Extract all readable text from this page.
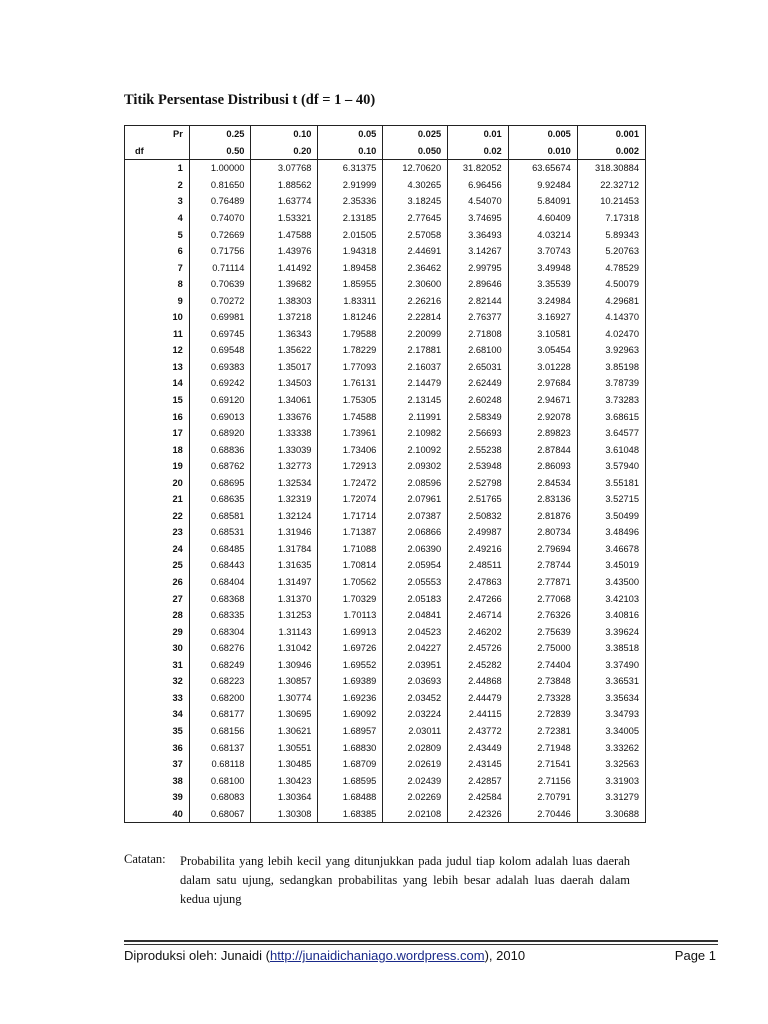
Titik Persentase Distribusi t (df = 1 – 40)
Pr	0.25	0.10	0.05	0.025	0.01	0.005	0.001
df	0.50	0.20	0.10	0.050	0.02	0.010	0.002
1	1.00000	3.07768	6.31375	12.70620	31.82052	63.65674	318.30884
2	0.81650	1.88562	2.91999	4.30265	6.96456	9.92484	22.32712
3	0.76489	1.63774	2.35336	3.18245	4.54070	5.84091	10.21453
4	0.74070	1.53321	2.13185	2.77645	3.74695	4.60409	7.17318
5	0.72669	1.47588	2.01505	2.57058	3.36493	4.03214	5.89343
6	0.71756	1.43976	1.94318	2.44691	3.14267	3.70743	5.20763
7	0.71114	1.41492	1.89458	2.36462	2.99795	3.49948	4.78529
8	0.70639	1.39682	1.85955	2.30600	2.89646	3.35539	4.50079
9	0.70272	1.38303	1.83311	2.26216	2.82144	3.24984	4.29681
10	0.69981	1.37218	1.81246	2.22814	2.76377	3.16927	4.14370
11	0.69745	1.36343	1.79588	2.20099	2.71808	3.10581	4.02470
12	0.69548	1.35622	1.78229	2.17881	2.68100	3.05454	3.92963
13	0.69383	1.35017	1.77093	2.16037	2.65031	3.01228	3.85198
14	0.69242	1.34503	1.76131	2.14479	2.62449	2.97684	3.78739
15	0.69120	1.34061	1.75305	2.13145	2.60248	2.94671	3.73283
16	0.69013	1.33676	1.74588	2.11991	2.58349	2.92078	3.68615
17	0.68920	1.33338	1.73961	2.10982	2.56693	2.89823	3.64577
18	0.68836	1.33039	1.73406	2.10092	2.55238	2.87844	3.61048
19	0.68762	1.32773	1.72913	2.09302	2.53948	2.86093	3.57940
20	0.68695	1.32534	1.72472	2.08596	2.52798	2.84534	3.55181
21	0.68635	1.32319	1.72074	2.07961	2.51765	2.83136	3.52715
22	0.68581	1.32124	1.71714	2.07387	2.50832	2.81876	3.50499
23	0.68531	1.31946	1.71387	2.06866	2.49987	2.80734	3.48496
24	0.68485	1.31784	1.71088	2.06390	2.49216	2.79694	3.46678
25	0.68443	1.31635	1.70814	2.05954	2.48511	2.78744	3.45019
26	0.68404	1.31497	1.70562	2.05553	2.47863	2.77871	3.43500
27	0.68368	1.31370	1.70329	2.05183	2.47266	2.77068	3.42103
28	0.68335	1.31253	1.70113	2.04841	2.46714	2.76326	3.40816
29	0.68304	1.31143	1.69913	2.04523	2.46202	2.75639	3.39624
30	0.68276	1.31042	1.69726	2.04227	2.45726	2.75000	3.38518
31	0.68249	1.30946	1.69552	2.03951	2.45282	2.74404	3.37490
32	0.68223	1.30857	1.69389	2.03693	2.44868	2.73848	3.36531
33	0.68200	1.30774	1.69236	2.03452	2.44479	2.73328	3.35634
34	0.68177	1.30695	1.69092	2.03224	2.44115	2.72839	3.34793
35	0.68156	1.30621	1.68957	2.03011	2.43772	2.72381	3.34005
36	0.68137	1.30551	1.68830	2.02809	2.43449	2.71948	3.33262
37	0.68118	1.30485	1.68709	2.02619	2.43145	2.71541	3.32563
38	0.68100	1.30423	1.68595	2.02439	2.42857	2.71156	3.31903
39	0.68083	1.30364	1.68488	2.02269	2.42584	2.70791	3.31279
40	0.68067	1.30308	1.68385	2.02108	2.42326	2.70446	3.30688
Catatan: Probabilita yang lebih kecil yang ditunjukkan pada judul tiap kolom adalah luas daerah dalam satu ujung, sedangkan probabilitas yang lebih besar adalah luas daerah dalam kedua ujung
Diproduksi oleh: Junaidi (http://junaidichaniago.wordpress.com), 2010	Page 1
